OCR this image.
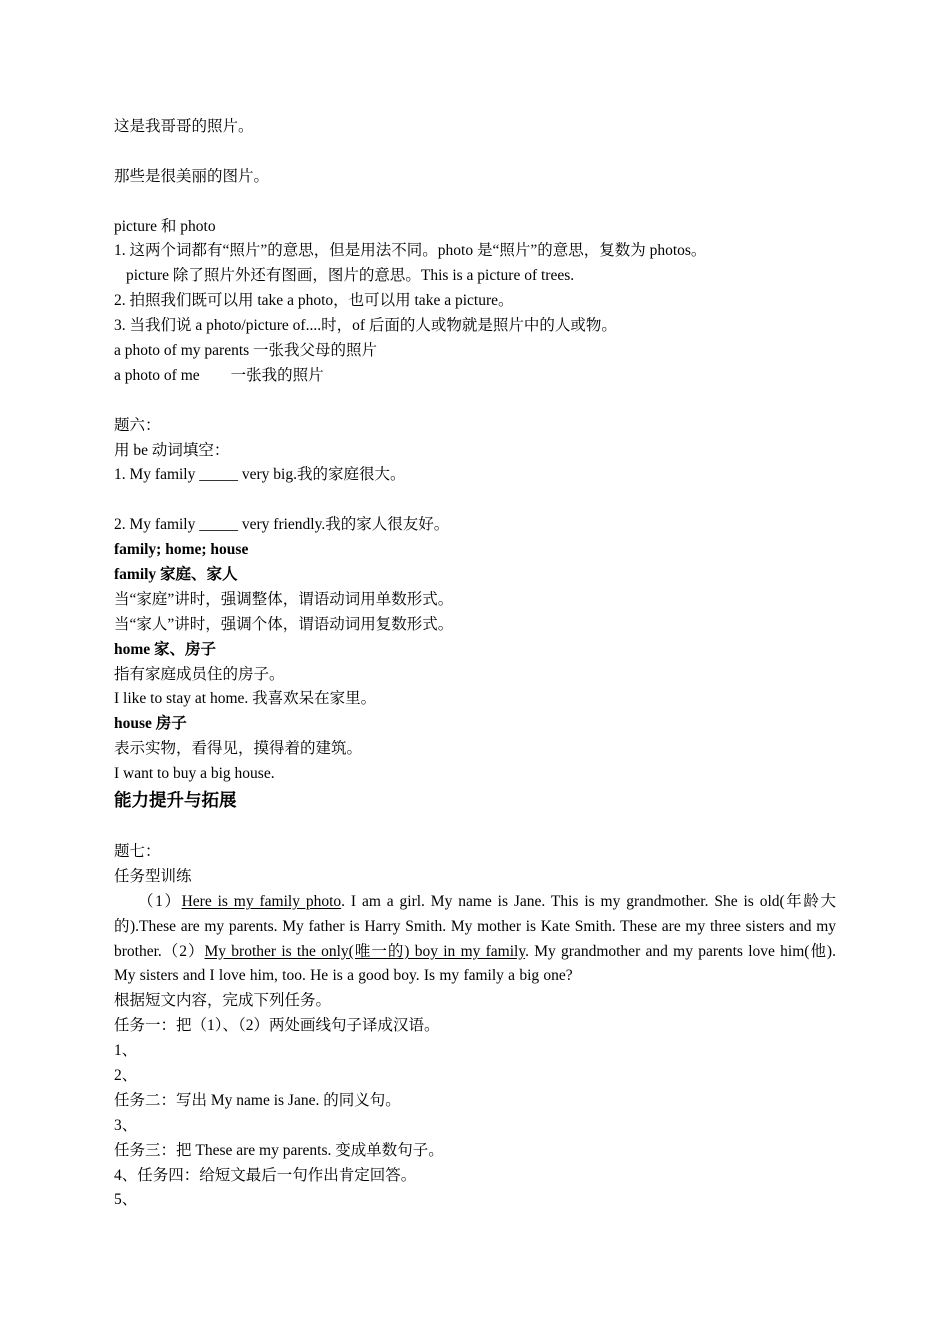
这是我哥哥的照片。
那些是很美丽的图片。
picture 和 photo
1. 这两个词都有“照片”的意思，但是用法不同。photo 是“照片”的意思，复数为 photos。
picture 除了照片外还有图画，图片的意思。This is a picture of trees.
2. 拍照我们既可以用 take a photo，也可以用 take a picture。
3. 当我们说 a photo/picture of....时，of 后面的人或物就是照片中的人或物。
a photo of my parents 一张我父母的照片
a photo of me　　一张我的照片
题六：
用 be 动词填空：
1. My family _____ very big.我的家庭很大。
2. My family _____ very friendly.我的家人很友好。
family; home; house
family 家庭、家人
当“家庭”讲时，强调整体，谓语动词用单数形式。
当“家人”讲时，强调个体，谓语动词用复数形式。
home 家、房子
指有家庭成员住的房子。
I like to stay at home. 我喜欢呆在家里。
house 房子
表示实物，看得见，摸得着的建筑。
I want to buy a big house.
能力提升与拓展
题七：
任务型训练
（1）Here is my family photo. I am a girl. My name is Jane. This is my grandmother. She is old(年龄大的).These are my parents. My father is Harry Smith. My mother is Kate Smith. These are my three sisters and my brother.（2）My brother is the only(唯一的) boy in my family. My grandmother and my parents love him(他). My sisters and I love him, too. He is a good boy. Is my family a big one?
根据短文内容，完成下列任务。
任务一：把（1）、（2）两处画线句子译成汉语。
1、
2、
任务二：写出 My name is Jane. 的同义句。
3、
任务三：把 These are my parents. 变成单数句子。
4、任务四：给短文最后一句作出肯定回答。
5、
